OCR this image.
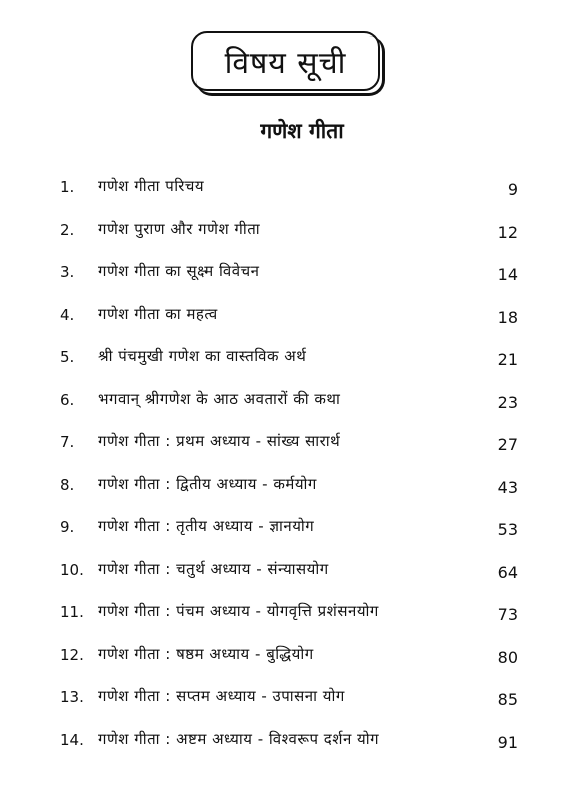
विषय सूची
गणेश गीता
1. गणेश गीता परिचय	9
2. गणेश पुराण और गणेश गीता	12
3. गणेश गीता का सूक्ष्म विवेचन	14
4. गणेश गीता का महत्व	18
5. श्री पंचमुखी गणेश का वास्तविक अर्थ	21
6. भगवान् श्रीगणेश के आठ अवतारों की कथा	23
7. गणेश गीता : प्रथम अध्याय - सांख्य सारार्थ	27
8. गणेश गीता : द्वितीय अध्याय - कर्मयोग	43
9. गणेश गीता : तृतीय अध्याय - ज्ञानयोग	53
10. गणेश गीता : चतुर्थ अध्याय - संन्यासयोग	64
11. गणेश गीता : पंचम अध्याय - योगवृत्ति प्रशंसनयोग	73
12. गणेश गीता : षष्ठम अध्याय - बुद्धियोग	80
13. गणेश गीता : सप्तम अध्याय - उपासना योग	85
14. गणेश गीता : अष्टम अध्याय - विश्वरूप दर्शन योग	91
